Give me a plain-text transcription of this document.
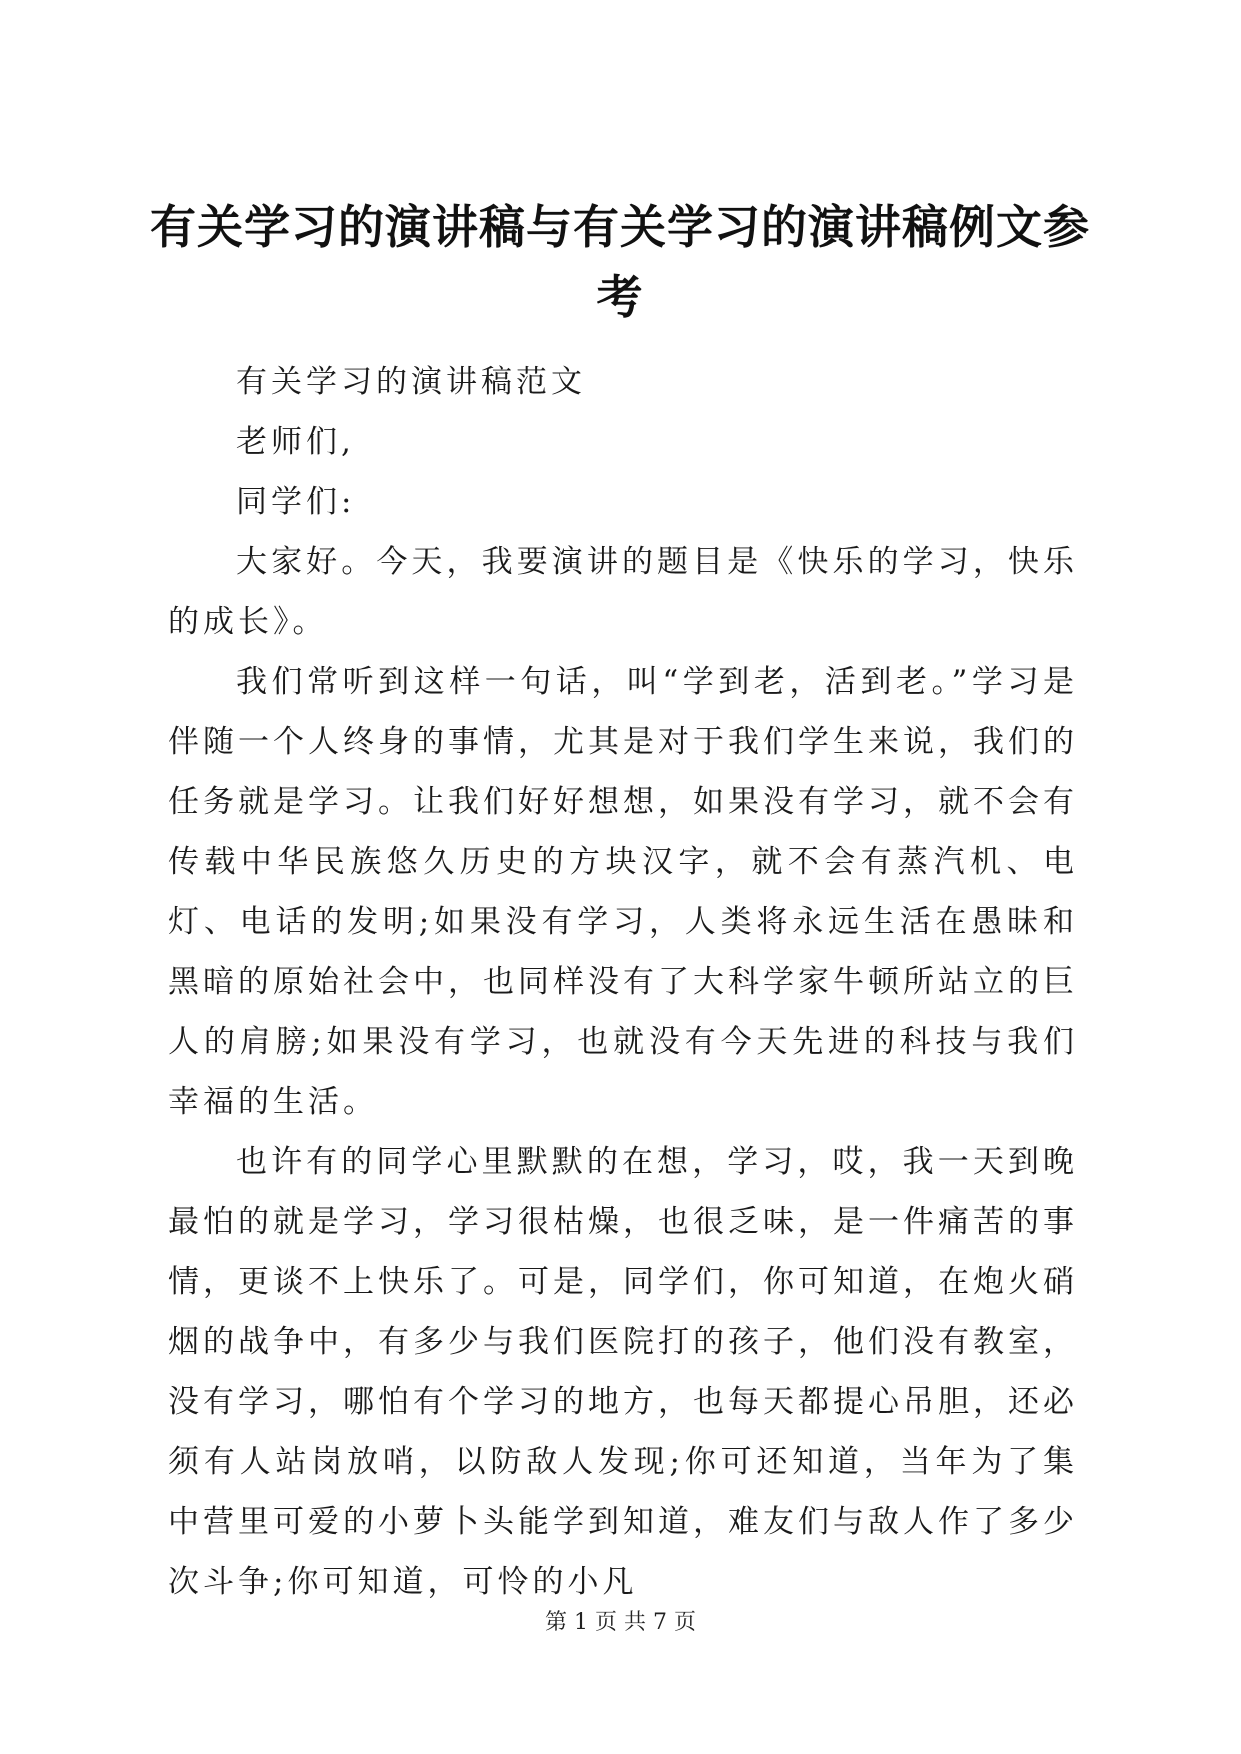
有关学习的演讲稿与有关学习的演讲稿例文参考

有关学习的演讲稿范文

老师们,

同学们:

大家好。今天，我要演讲的题目是《快乐的学习，快乐的成长》。

我们常听到这样一句话，叫“学到老，活到老。”学习是伴随一个人终身的事情，尤其是对于我们学生来说，我们的任务就是学习。让我们好好想想，如果没有学习，就不会有传载中华民族悠久历史的方块汉字，就不会有蒸汽机、电灯、电话的发明;如果没有学习，人类将永远生活在愚昧和黑暗的原始社会中，也同样没有了大科学家牛顿所站立的巨人的肩膀;如果没有学习，也就没有今天先进的科技与我们幸福的生活。

也许有的同学心里默默的在想，学习，哎，我一天到晚最怕的就是学习，学习很枯燥，也很乏味，是一件痛苦的事情，更谈不上快乐了。可是，同学们，你可知道，在炮火硝烟的战争中，有多少与我们医院打的孩子，他们没有教室，没有学习，哪怕有个学习的地方，也每天都提心吊胆，还必须有人站岗放哨，以防敌人发现;你可还知道，当年为了集中营里可爱的小萝卜头能学到知道，难友们与敌人作了多少次斗争;你可知道，可怜的小凡

第 1 页 共 7 页
